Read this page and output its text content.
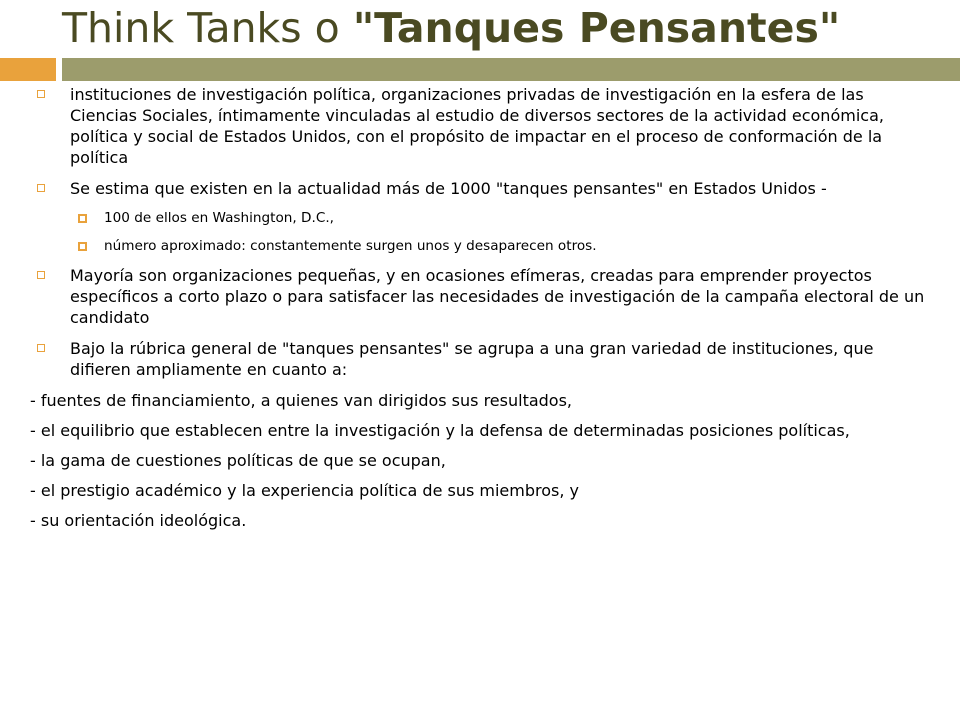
Think Tanks o "Tanques Pensantes"
instituciones de investigación política, organizaciones privadas de investigación en la esfera de las Ciencias Sociales, íntimamente vinculadas al estudio de diversos sectores de la actividad económica, política y social de Estados Unidos, con el propósito de impactar en el proceso de conformación de la política
Se estima que existen en la actualidad más de 1000 "tanques pensantes" en Estados Unidos -
100 de ellos en Washington, D.C.,
número aproximado: constantemente surgen unos y desaparecen otros.
Mayoría son organizaciones pequeñas, y en ocasiones efímeras, creadas para emprender proyectos específicos a corto plazo o para satisfacer las necesidades de investigación de la campaña electoral de un candidato
Bajo la rúbrica general de "tanques pensantes" se agrupa a una gran variedad de instituciones, que difieren ampliamente en cuanto a:
- fuentes de financiamiento, a quienes van dirigidos sus resultados,
- el equilibrio que establecen entre la investigación y la defensa de determinadas posiciones políticas,
- la gama de cuestiones políticas de que se ocupan,
- el prestigio académico y la experiencia política de sus miembros, y
- su orientación ideológica.
